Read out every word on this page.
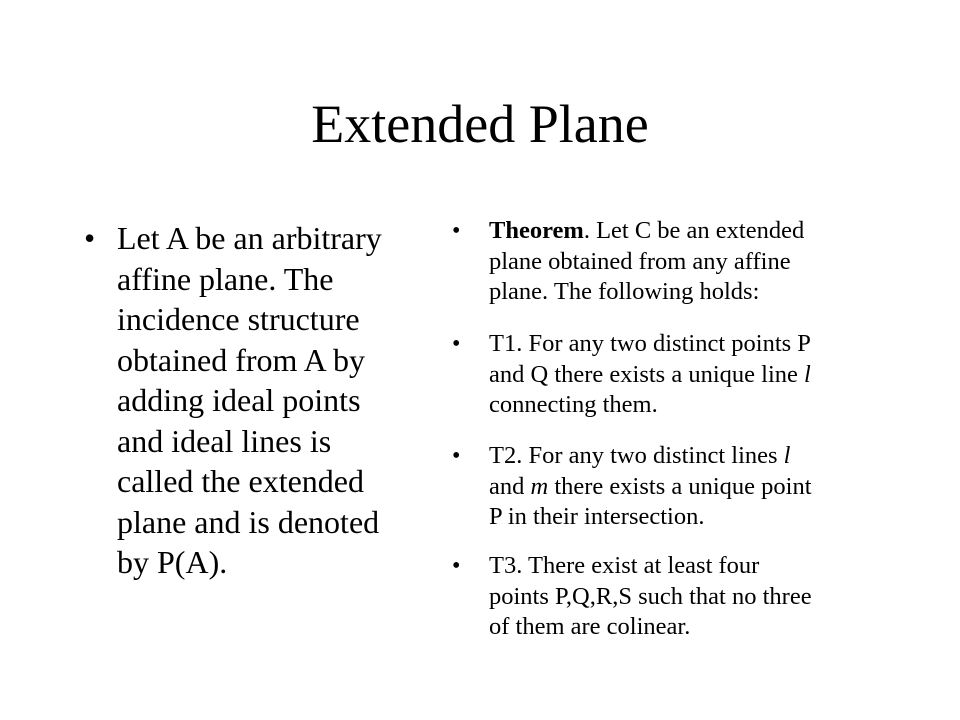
Extended Plane
• Let A be an arbitrary
affine plane. The
incidence structure
obtained from A by
adding ideal points
and ideal lines is
called the extended
plane and is denoted
by P(A).
• Theorem. Let C be an extended
plane obtained from any affine
plane. The following holds:
• T1. For any two distinct points P
and Q there exists a unique line l
connecting them.
• T2. For any two distinct lines l
and m there exists a unique point
P in their intersection.
• T3. There exist at least four
points P,Q,R,S such that no three
of them are colinear.
